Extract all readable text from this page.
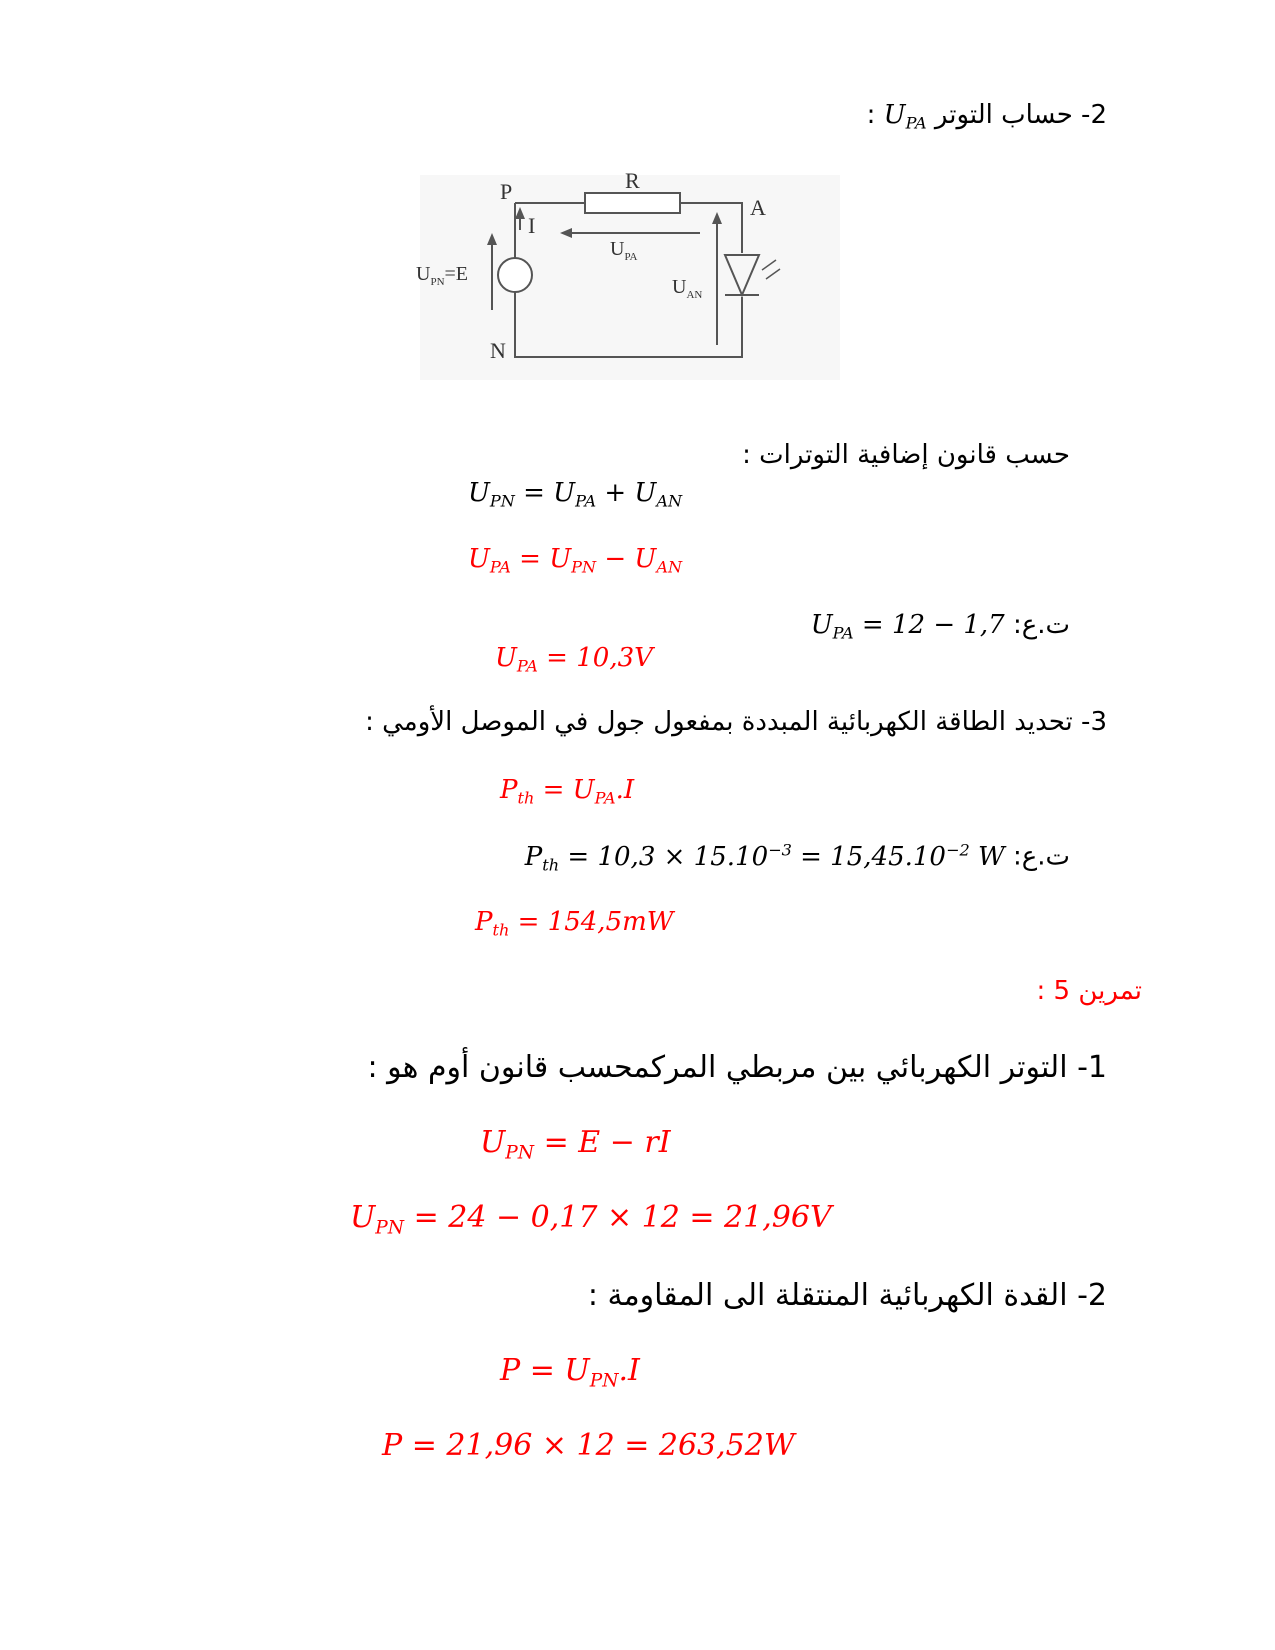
2- حساب التوتر $U_{PA}$ :
P	R
A
I
N
$U_{PA}$
$U_{AN}$
$U_{PN}=E$
حسب قانون إضافية التوترات :
$U_{PN} = U_{PA} + U_{AN}$
$U_{PA} = U_{PN} - U_{AN}$
ت.ع: $U_{PA} = 12 - 1,7$
$U_{PA} = 10,3V$
3- تحديد الطاقة الكهربائية المبددة بمفعول جول في الموصل الأومي :
$P_{th} = U_{PA}.I$
ت.ع: $P_{th} = 10,3 \times 15.10^{-3} = 15,45.10^{-2}$ W
$P_{th} = 154,5mW$
تمرين 5 :
1- التوتر الكهربائي بين مربطي المركمحسب قانون أوم هو :
$U_{PN} = E$ − rI
$U_{PN} = 24 - 0,17 \times 12 = 21,96V$
2- القدة الكهربائية المنتقلة الى المقاومة :
$P = U_{PN}.I$
P = 21,96 × 12 = 263,52W
